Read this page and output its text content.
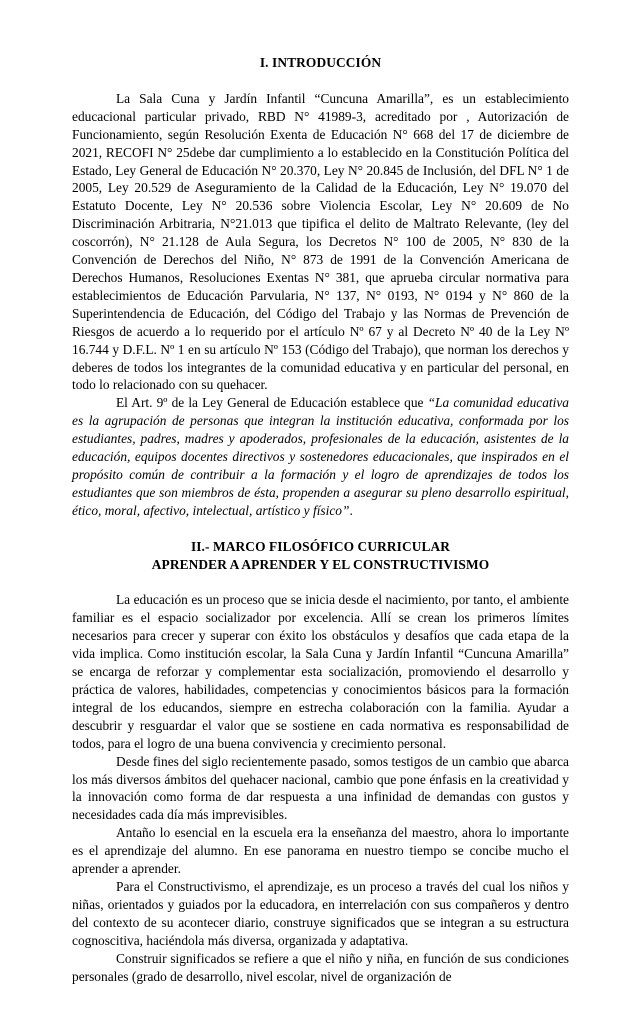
I. INTRODUCCIÓN

La Sala Cuna y Jardín Infantil “Cuncuna Amarilla”, es un establecimiento educacional particular privado, RBD N° 41989-3, acreditado por , Autorización de Funcionamiento, según Resolución Exenta de Educación N° 668 del 17 de diciembre de 2021, RECOFI N° 25debe dar cumplimiento a lo establecido en la Constitución Política del Estado, Ley General de Educación N° 20.370, Ley N° 20.845 de Inclusión, del DFL N° 1 de 2005, Ley 20.529 de Aseguramiento de la Calidad de la Educación, Ley N° 19.070 del Estatuto Docente, Ley N° 20.536 sobre Violencia Escolar, Ley N° 20.609 de No Discriminación Arbitraria, N°21.013 que tipifica el delito de Maltrato Relevante, (ley del coscorrón), N° 21.128 de Aula Segura, los Decretos N° 100 de 2005, N° 830 de la Convención de Derechos del Niño, N° 873 de 1991 de la Convención Americana de Derechos Humanos, Resoluciones Exentas N° 381, que aprueba circular normativa para establecimientos de Educación Parvularia, N° 137, N° 0193, N° 0194 y N° 860 de la Superintendencia de Educación, del Código del Trabajo y las Normas de Prevención de Riesgos de acuerdo a lo requerido por el artículo Nº 67 y al Decreto Nº 40 de la Ley Nº 16.744 y D.F.L. Nº 1 en su artículo Nº 153 (Código del Trabajo), que norman los derechos y deberes de todos los integrantes de la comunidad educativa y en particular del personal, en todo lo relacionado con su quehacer.

El Art. 9º de la Ley General de Educación establece que “La comunidad educativa es la agrupación de personas que integran la institución educativa, conformada por los estudiantes, padres, madres y apoderados, profesionales de la educación, asistentes de la educación, equipos docentes directivos y sostenedores educacionales, que inspirados en el propósito común de contribuir a la formación y el logro de aprendizajes de todos los estudiantes que son miembros de ésta, propenden a asegurar su pleno desarrollo espiritual, ético, moral, afectivo, intelectual, artístico y físico”.

II.- MARCO FILOSÓFICO CURRICULAR
APRENDER A APRENDER Y EL CONSTRUCTIVISMO

La educación es un proceso que se inicia desde el nacimiento, por tanto, el ambiente familiar es el espacio socializador por excelencia. Allí se crean los primeros límites necesarios para crecer y superar con éxito los obstáculos y desafíos que cada etapa de la vida implica. Como institución escolar, la Sala Cuna y Jardín Infantil “Cuncuna Amarilla” se encarga de reforzar y complementar esta socialización, promoviendo el desarrollo y práctica de valores, habilidades, competencias y conocimientos básicos para la formación integral de los educandos, siempre en estrecha colaboración con la familia. Ayudar a descubrir y resguardar el valor que se sostiene en cada normativa es responsabilidad de todos, para el logro de una buena convivencia y crecimiento personal.

Desde fines del siglo recientemente pasado, somos testigos de un cambio que abarca los más diversos ámbitos del quehacer nacional, cambio que pone énfasis en la creatividad y la innovación como forma de dar respuesta a una infinidad de demandas con gustos y necesidades cada día más imprevisibles.

Antaño lo esencial en la escuela era la enseñanza del maestro, ahora lo importante es el aprendizaje del alumno. En ese panorama en nuestro tiempo se concibe mucho el aprender a aprender.

Para el Constructivismo, el aprendizaje, es un proceso a través del cual los niños y niñas, orientados y guiados por la educadora, en interrelación con sus compañeros y dentro del contexto de su acontecer diario, construye significados que se integran a su estructura cognoscitiva, haciéndola más diversa, organizada y adaptativa.

Construir significados se refiere a que el niño y niña, en función de sus condiciones personales (grado de desarrollo, nivel escolar, nivel de organización de
